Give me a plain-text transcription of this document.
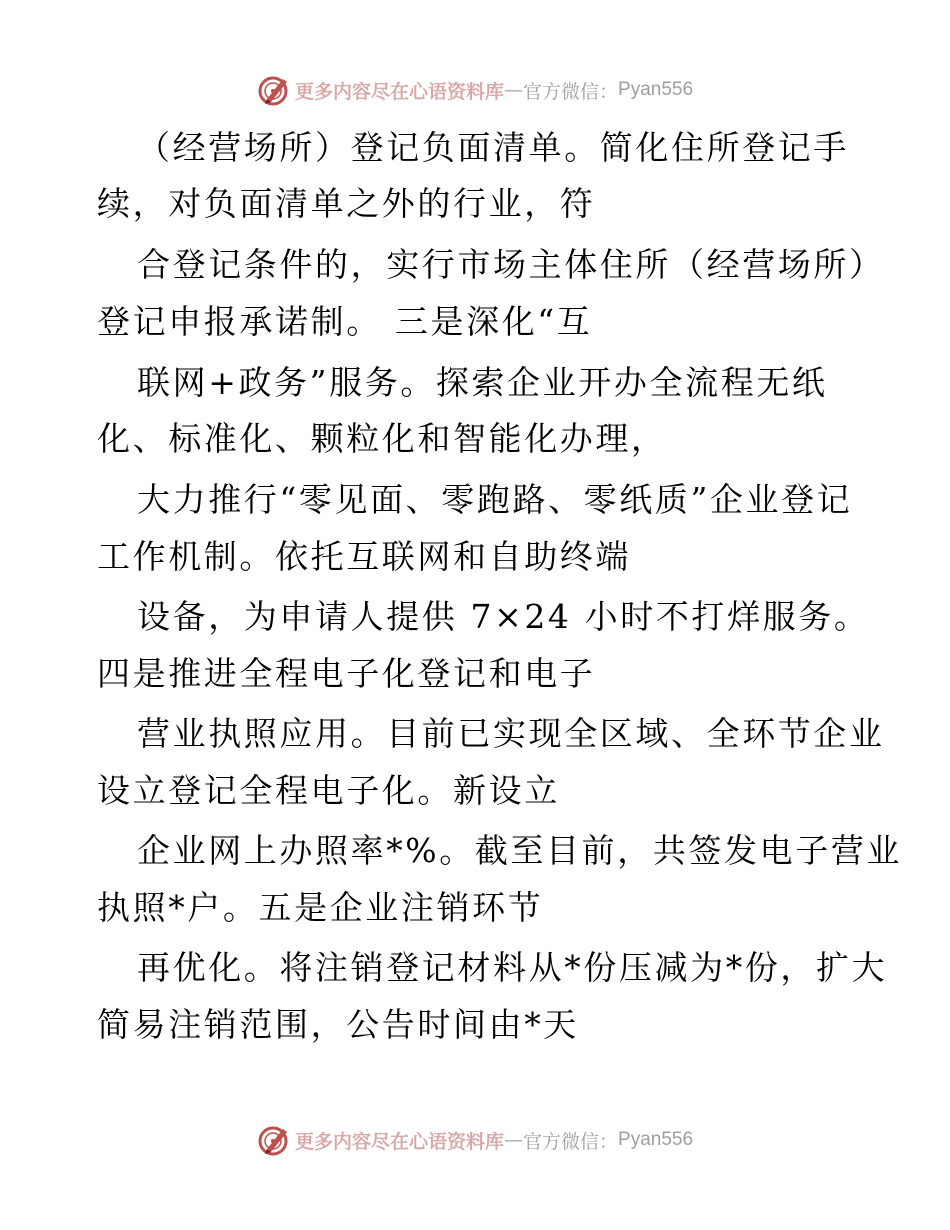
更多内容尽在心语资料库 — 官方微信 ： Pyan556
（经营场所）登记负面清单。简化住所登记手
续，对负面清单之外的行业，符
合登记条件的，实行市场主体住所（经营场所）
登记申报承诺制。 三是深化“互
联网+政务”服务。探索企业开办全流程无纸
化、标准化、颗粒化和智能化办理，
大力推行“零见面、零跑路、零纸质”企业登记
工作机制。依托互联网和自助终端
设备，为申请人提供 7×24 小时不打烊服务。
四是推进全程电子化登记和电子
营业执照应用。目前已实现全区域、全环节企业
设立登记全程电子化。新设立
企业网上办照率*%。截至目前，共签发电子营业
执照*户。五是企业注销环节
再优化。将注销登记材料从*份压减为*份，扩大
简易注销范围，公告时间由*天
更多内容尽在心语资料库 — 官方微信 ： Pyan556
